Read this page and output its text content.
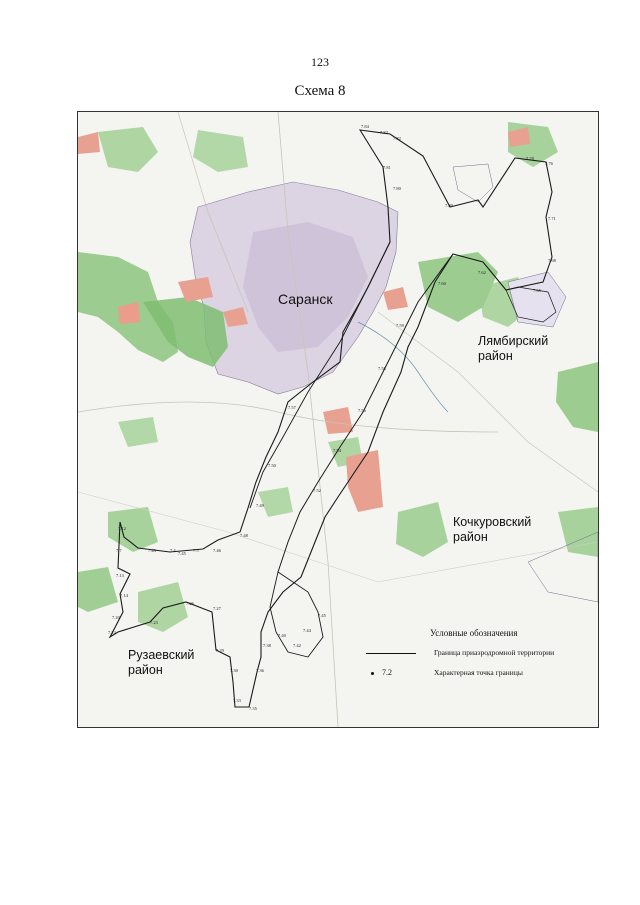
123
Схема 8
7.84
7.83
7.82
7.81
7.80
7.80
7.78
7.76
7.71
7.68
7.65
7.62
7.60
7.59
7.58
7.56
7.54
7.52
7.57
7.50
7.49
7.48
7.46
7.45
7.43
7.12
7.7
7.13
7.14
7.20
7.22
7.23
7.26
7.27
7.29
7.30
7.33
7.35
7.36
7.38
7.40
7.42
7.44
7.45
7.5
7.4
Саранск
Лямбирский район
Кочкуровский район
Рузаевский район
Условные обозначения
Граница приаэродромной территории
7.2	Характерная точка границы
